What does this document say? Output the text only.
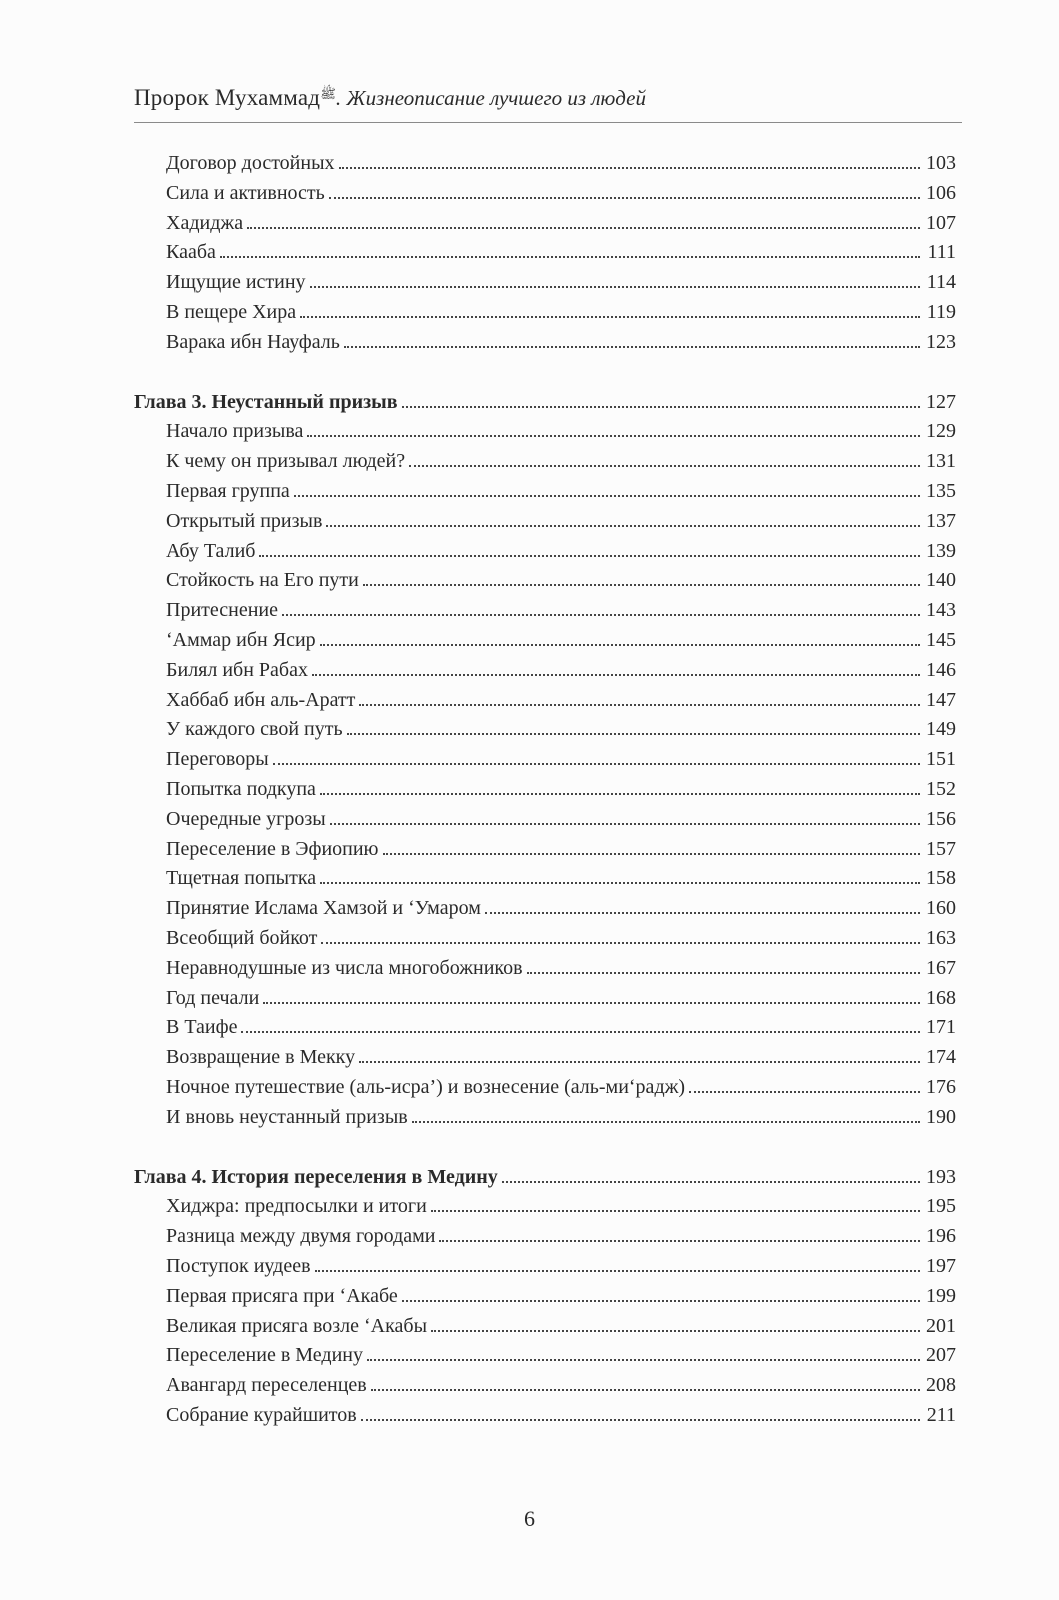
Пророк Мухаммад$^ﷺ$. Жизнеописание лучшего из людей
Договор достойных	103
Сила и активность	106
Хадиджа	107
Кааба	111
Ищущие истину	114
В пещере Хира	119
Варака ибн Науфаль	123
Глава 3. Неустанный призыв	127
Начало призыва	129
К чему он призывал людей?	131
Первая группа	135
Открытый призыв	137
Абу Талиб	139
Стойкость на Его пути	140
Притеснение	143
‘Аммар ибн Ясир	145
Билял ибн Рабах	146
Хаббаб ибн аль-Аратт	147
У каждого свой путь	149
Переговоры	151
Попытка подкупа	152
Очередные угрозы	156
Переселение в Эфиопию	157
Тщетная попытка	158
Принятие Ислама Хамзой и ‘Умаром	160
Всеобщий бойкот	163
Неравнодушные из числа многобожников	167
Год печали	168
В Таифе	171
Возвращение в Мекку	174
Ночное путешествие (аль-исра’) и вознесение (аль-ми‘радж)	176
И вновь неустанный призыв	190
Глава 4. История переселения в Медину	193
Хиджра: предпосылки и итоги	195
Разница между двумя городами	196
Поступок иудеев	197
Первая присяга при ‘Акабе	199
Великая присяга возле ‘Акабы	201
Переселение в Медину	207
Авангард переселенцев	208
Собрание курайшитов	211
6
